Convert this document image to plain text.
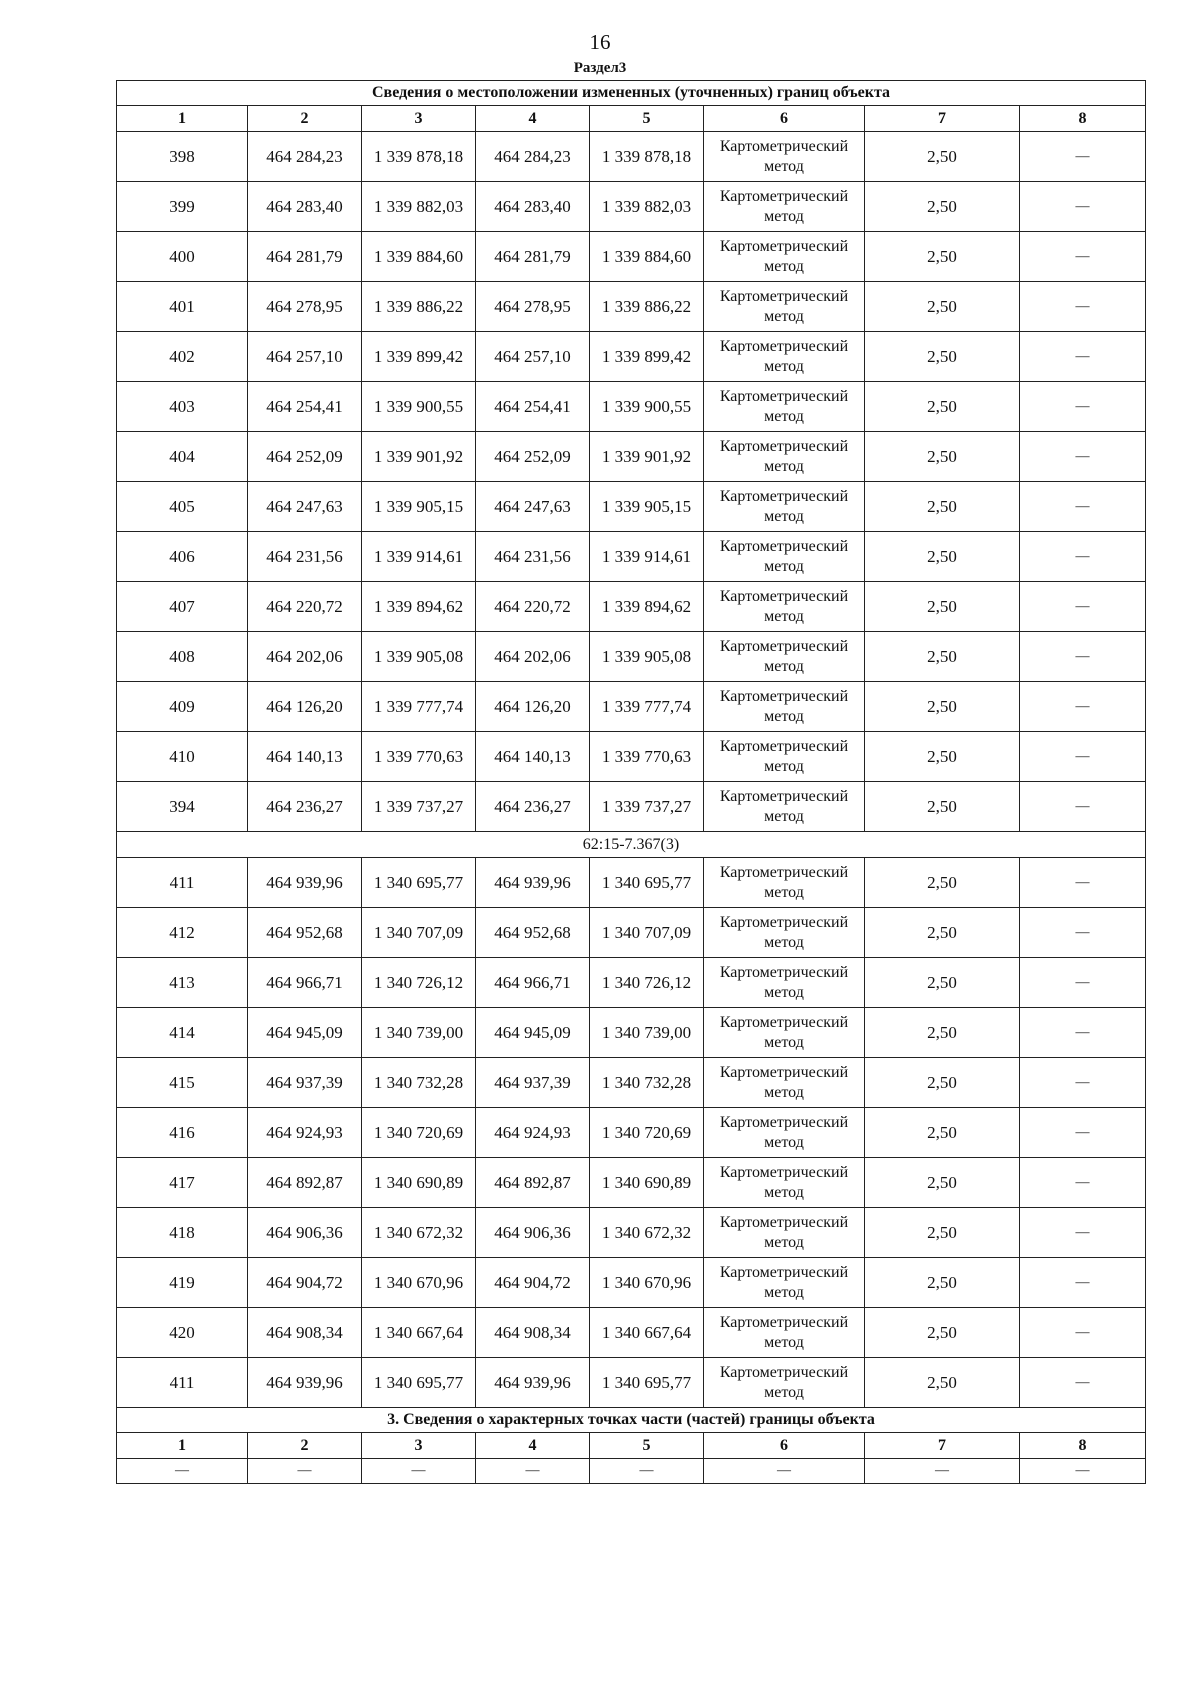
16
Раздел3
Сведения о местоположении измененных (уточненных) границ объекта							
1	2	3	4	5	6	7	8
398	464 284,23	1 339 878,18	464 284,23	1 339 878,18	Картометрический метод	2,50	—
399	464 283,40	1 339 882,03	464 283,40	1 339 882,03	Картометрический метод	2,50	—
400	464 281,79	1 339 884,60	464 281,79	1 339 884,60	Картометрический метод	2,50	—
401	464 278,95	1 339 886,22	464 278,95	1 339 886,22	Картометрический метод	2,50	—
402	464 257,10	1 339 899,42	464 257,10	1 339 899,42	Картометрический метод	2,50	—
403	464 254,41	1 339 900,55	464 254,41	1 339 900,55	Картометрический метод	2,50	—
404	464 252,09	1 339 901,92	464 252,09	1 339 901,92	Картометрический метод	2,50	—
405	464 247,63	1 339 905,15	464 247,63	1 339 905,15	Картометрический метод	2,50	—
406	464 231,56	1 339 914,61	464 231,56	1 339 914,61	Картометрический метод	2,50	—
407	464 220,72	1 339 894,62	464 220,72	1 339 894,62	Картометрический метод	2,50	—
408	464 202,06	1 339 905,08	464 202,06	1 339 905,08	Картометрический метод	2,50	—
409	464 126,20	1 339 777,74	464 126,20	1 339 777,74	Картометрический метод	2,50	—
410	464 140,13	1 339 770,63	464 140,13	1 339 770,63	Картометрический метод	2,50	—
394	464 236,27	1 339 737,27	464 236,27	1 339 737,27	Картометрический метод	2,50	—
62:15-7.367(3)							
411	464 939,96	1 340 695,77	464 939,96	1 340 695,77	Картометрический метод	2,50	—
412	464 952,68	1 340 707,09	464 952,68	1 340 707,09	Картометрический метод	2,50	—
413	464 966,71	1 340 726,12	464 966,71	1 340 726,12	Картометрический метод	2,50	—
414	464 945,09	1 340 739,00	464 945,09	1 340 739,00	Картометрический метод	2,50	—
415	464 937,39	1 340 732,28	464 937,39	1 340 732,28	Картометрический метод	2,50	—
416	464 924,93	1 340 720,69	464 924,93	1 340 720,69	Картометрический метод	2,50	—
417	464 892,87	1 340 690,89	464 892,87	1 340 690,89	Картометрический метод	2,50	—
418	464 906,36	1 340 672,32	464 906,36	1 340 672,32	Картометрический метод	2,50	—
419	464 904,72	1 340 670,96	464 904,72	1 340 670,96	Картометрический метод	2,50	—
420	464 908,34	1 340 667,64	464 908,34	1 340 667,64	Картометрический метод	2,50	—
411	464 939,96	1 340 695,77	464 939,96	1 340 695,77	Картометрический метод	2,50	—
3. Сведения о характерных точках части (частей) границы объекта							
1	2	3	4	5	6	7	8
—	—	—	—	—	—	—	—
